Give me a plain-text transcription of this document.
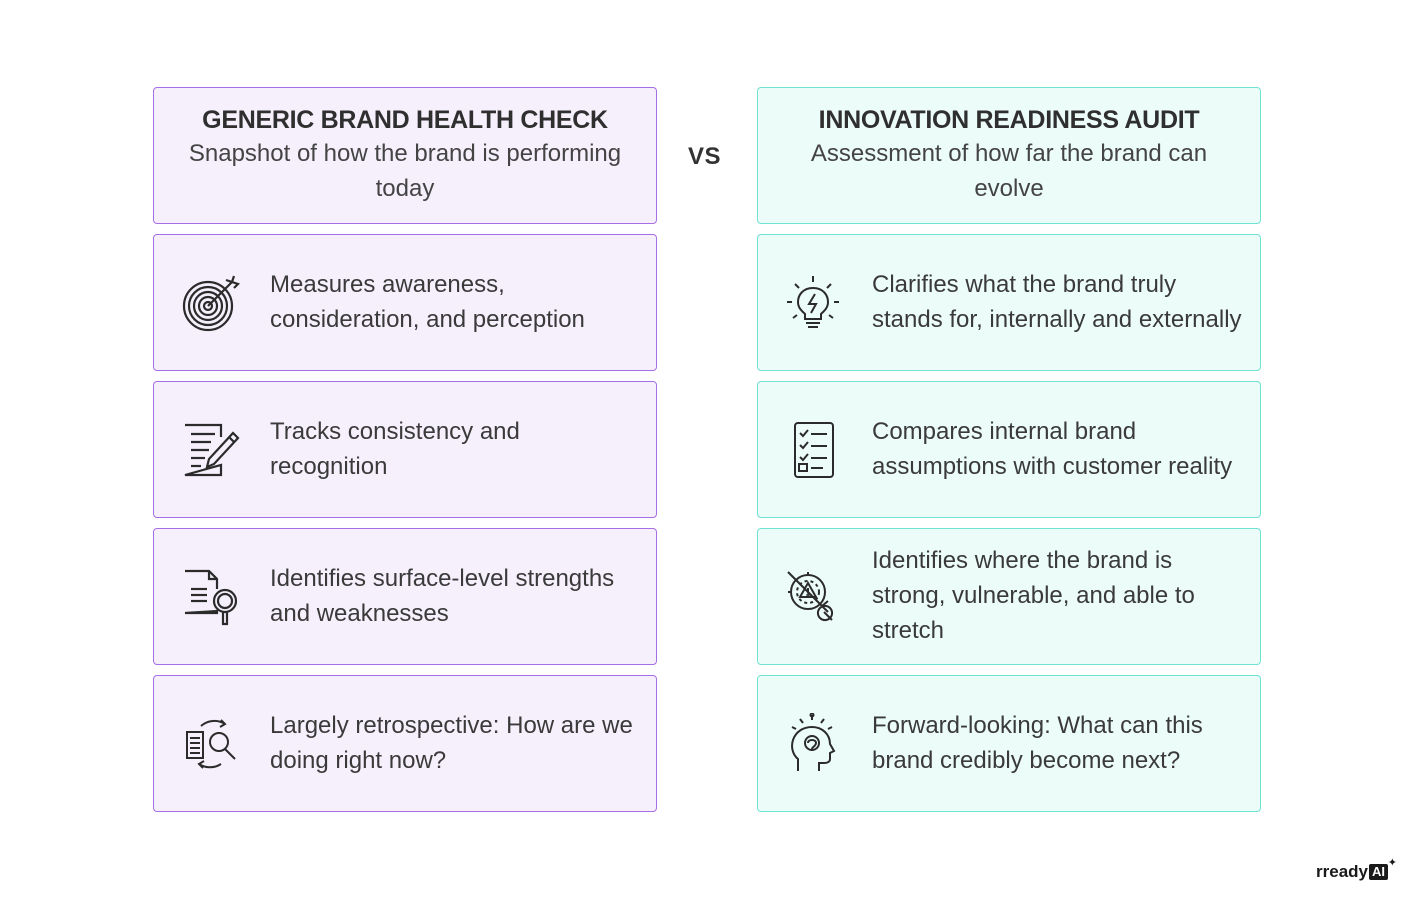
GENERIC BRAND HEALTH CHECK
Snapshot of how the brand is performing today
Measures awareness, consideration, and perception
Tracks consistency and recognition
Identifies surface-level strengths and weaknesses
Largely retrospective: How are we doing right now?
VS
INNOVATION READINESS AUDIT
Assessment of how far the brand can evolve
Clarifies what the brand truly stands for, internally and externally
Compares internal brand assumptions with customer reality
Identifies where the brand is strong, vulnerable, and able to stretch
Forward-looking: What can this brand credibly become next?
rready AI
✦
